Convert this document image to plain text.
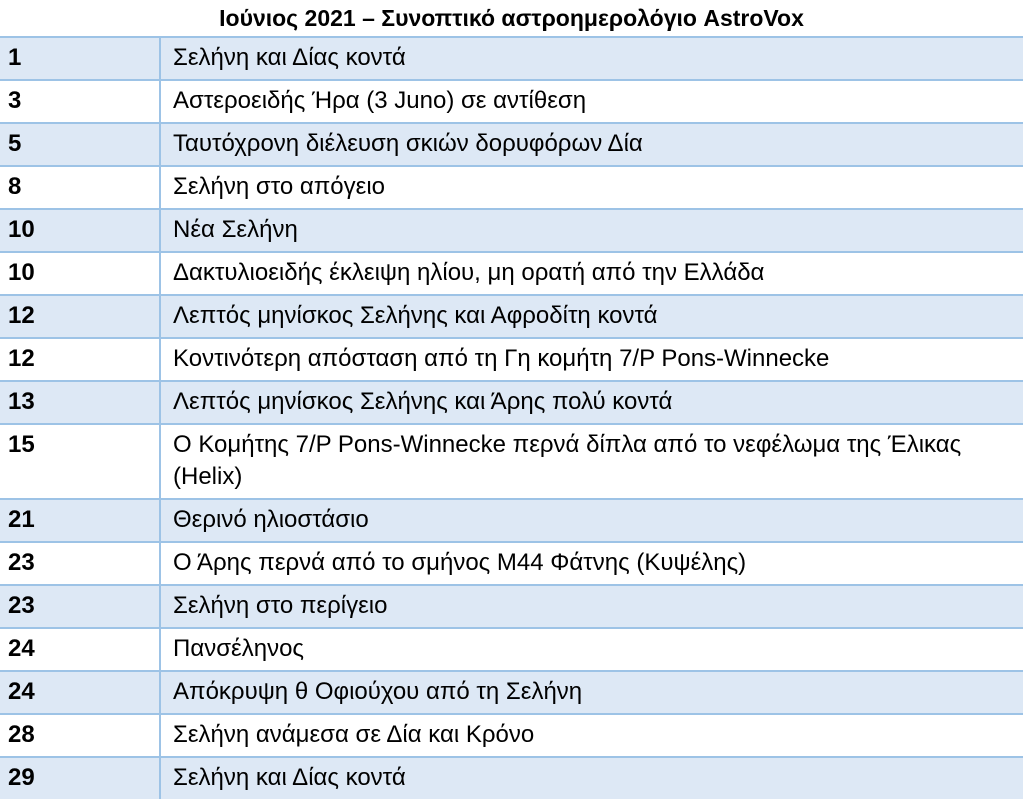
Ιούνιος 2021 – Συνοπτικό αστροημερολόγιο AstroVox	
1	Σελήνη και Δίας κοντά
3	Αστεροειδής Ήρα (3 Juno) σε αντίθεση
5	Ταυτόχρονη διέλευση σκιών δορυφόρων Δία
8	Σελήνη στο απόγειο
10	Νέα Σελήνη
10	Δακτυλιοειδής έκλειψη ηλίου, μη ορατή από την Ελλάδα
12	Λεπτός μηνίσκος Σελήνης και Αφροδίτη κοντά
12	Κοντινότερη απόσταση από τη Γη κομήτη 7/P Pons-Winnecke
13	Λεπτός μηνίσκος Σελήνης και Άρης πολύ κοντά
15	Ο Κομήτης 7/P Pons-Winnecke περνά δίπλα από το νεφέλωμα της Έλικας (Helix)
21	Θερινό ηλιοστάσιο
23	Ο Άρης περνά από το σμήνος Μ44 Φάτνης (Κυψέλης)
23	Σελήνη στο περίγειο
24	Πανσέληνος
24	Απόκρυψη θ Οφιούχου από τη Σελήνη
28	Σελήνη ανάμεσα σε Δία και Κρόνο
29	Σελήνη και Δίας κοντά
